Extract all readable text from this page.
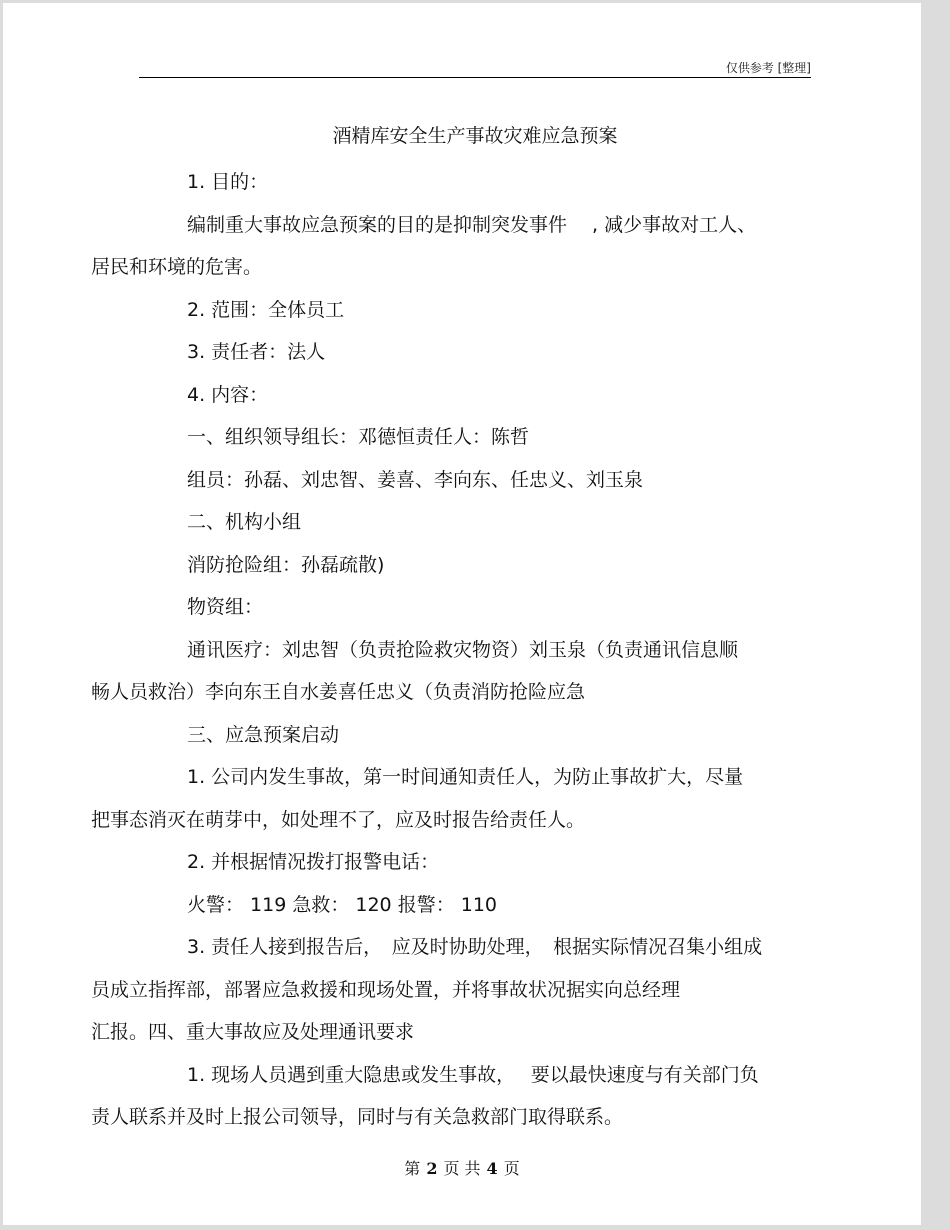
仅供参考 [整理]
酒精库安全生产事故灾难应急预案

1. 目的：

编制重大事故应急预案的目的是抑制突发事件　 , 减少事故对工人、
居民和环境的危害。

2. 范围：全体员工

3. 责任者：法人

4. 内容：

一、组织领导组长：邓德恒责任人：陈哲

组员：孙磊、刘忠智、姜喜、李向东、任忠义、刘玉泉

二、机构小组

消防抢险组：孙磊疏散)

物资组：

通讯医疗：刘忠智（负责抢险救灾物资）刘玉泉（负责通讯信息顺
畅人员救治）李向东王自水姜喜任忠义（负责消防抢险应急

三、应急预案启动

1. 公司内发生事故，第一时间通知责任人，为防止事故扩大，尽量
把事态消灭在萌芽中，如处理不了，应及时报告给责任人。

2. 并根据情况拨打报警电话：

火警： 119 急救： 120 报警： 110

3. 责任人接到报告后，　应及时协助处理，　根据实际情况召集小组成
员成立指挥部，部署应急救援和现场处置，并将事故状况据实向总经理
汇报。四、重大事故应及处理通讯要求

1. 现场人员遇到重大隐患或发生事故，　 要以最快速度与有关部门负
责人联系并及时上报公司领导，同时与有关急救部门取得联系。

第 2 页 共 4 页
